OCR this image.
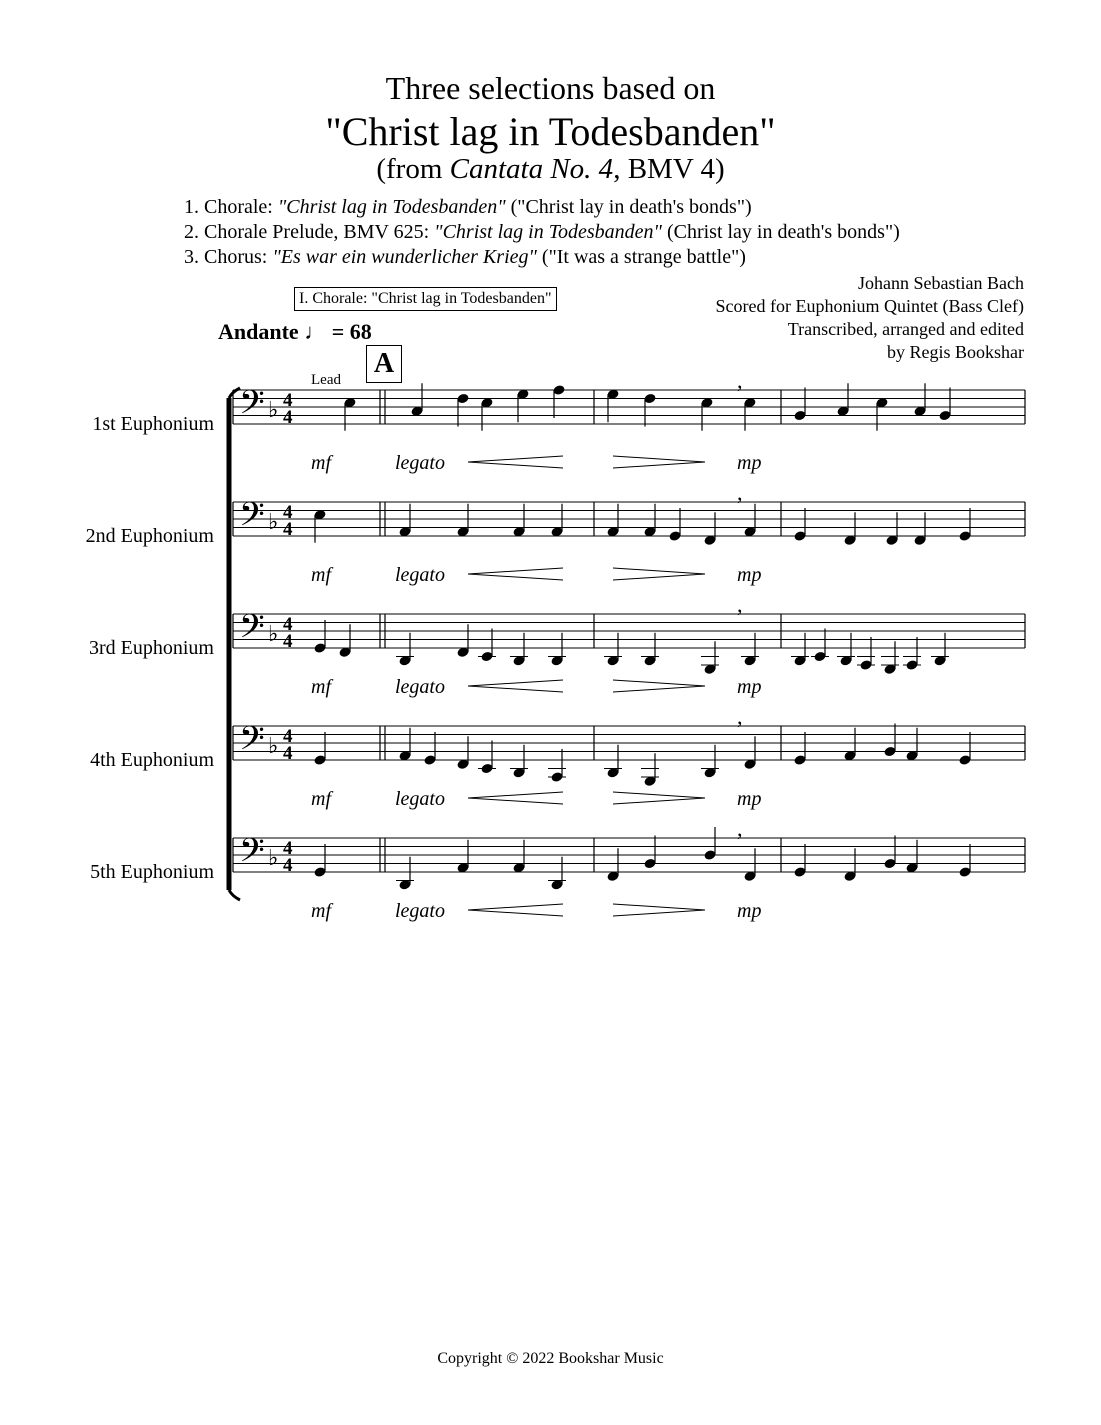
Three selections based on
"Christ lag in Todesbanden"
(from Cantata No. 4, BMV 4)
1. Chorale: "Christ lag in Todesbanden" ("Christ lay in death's bonds")
2. Chorale Prelude, BMV 625: "Christ lag in Todesbanden" (Christ lay in death's bonds")
3. Chorus: "Es war ein wunderlicher Krieg" ("It was a strange battle")
Johann Sebastian Bach
Scored for Euphonium Quintet (Bass Clef)
Transcribed, arranged and edited
by Regis Bookshar
I. Chorale: "Christ lag in Todesbanden"
Andante ♩ = 68
A
Lead
1st Euphonium
2nd Euphonium
3rd Euphonium
4th Euphonium
5th Euphonium
𝄢 ♭ 4
4
𝄢 ♭ 4
4
𝄢 ♭ 4
4
𝄢 ♭ 4
4
𝄢 ♭ 4
4
,
,
,
,
,
mf	legato	mp
mf	legato	mp
mf	legato	mp
mf	legato	mp
mf	legato	mp
Copyright © 2022 Bookshar Music
